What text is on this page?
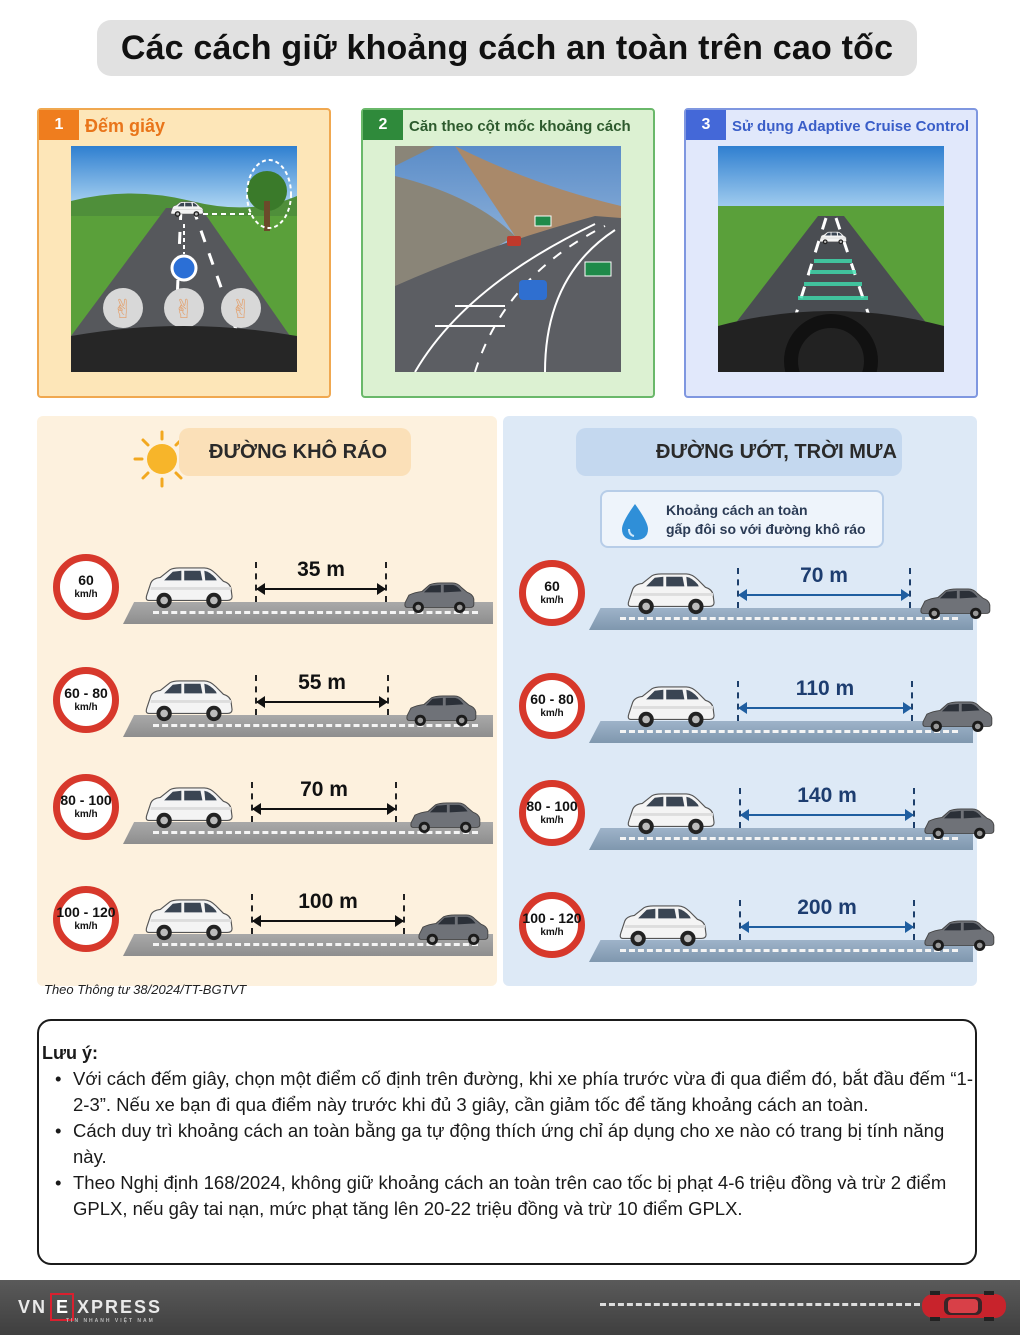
Các cách giữ khoảng cách an toàn trên cao tốc
1	Đếm giây
✌ ✌ ✌
2	Căn theo cột mốc khoảng cách	3	Sử dụng Adaptive Cruise Control
ĐƯỜNG KHÔ RÁO
60
km/h
35 m
60 - 80
km/h
55 m
80 - 100
km/h
70 m
100 - 120
km/h
100 m
Theo Thông tư 38/2024/TT-BGTVT
ĐƯỜNG ƯỚT, TRỜI MƯA
Khoảng cách an toàn
gấp đôi so với đường khô ráo
60
km/h
70 m
60 - 80
km/h
110 m
80 - 100
km/h
140 m
100 - 120
km/h
200 m
Lưu ý:
• Với cách đếm giây, chọn một điểm cố định trên đường, khi xe phía trước vừa đi qua điểm đó, bắt đầu đếm “1-2-3”. Nếu xe bạn đi qua điểm này trước khi đủ 3 giây, cần giảm tốc để tăng khoảng cách an toàn.
• Cách duy trì khoảng cách an toàn bằng ga tự động thích ứng chỉ áp dụng cho xe nào có trang bị tính năng này.
• Theo Nghị định 168/2024, không giữ khoảng cách an toàn trên cao tốc bị phạt 4-6 triệu đồng và trừ 2 điểm GPLX, nếu gây tai nạn, mức phạt tăng lên 20-22 triệu đồng và trừ 10 điểm GPLX.
VN E XPRESS
TIN NHANH VIỆT NAM
